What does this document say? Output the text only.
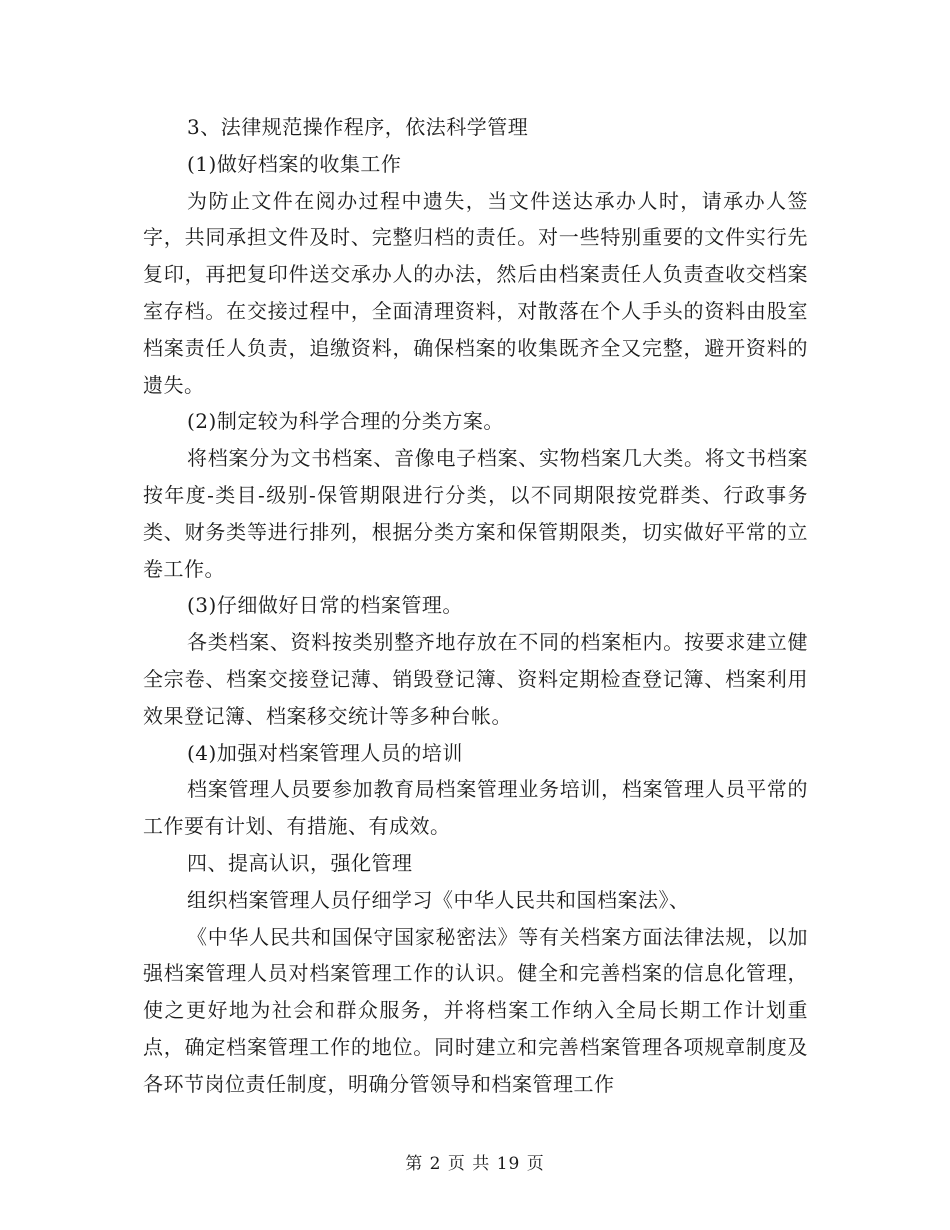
3、法律规范操作程序，依法科学管理

(1)做好档案的收集工作

为防止文件在阅办过程中遗失，当文件送达承办人时，请承办人签字，共同承担文件及时、完整归档的责任。对一些特别重要的文件实行先复印，再把复印件送交承办人的办法，然后由档案责任人负责查收交档案室存档。在交接过程中，全面清理资料，对散落在个人手头的资料由股室档案责任人负责，追缴资料，确保档案的收集既齐全又完整，避开资料的遗失。

(2)制定较为科学合理的分类方案。

将档案分为文书档案、音像电子档案、实物档案几大类。将文书档案按年度-类目-级别-保管期限进行分类，以不同期限按党群类、行政事务类、财务类等进行排列，根据分类方案和保管期限类，切实做好平常的立卷工作。

(3)仔细做好日常的档案管理。

各类档案、资料按类别整齐地存放在不同的档案柜内。按要求建立健全宗卷、档案交接登记薄、销毁登记簿、资料定期检查登记簿、档案利用效果登记簿、档案移交统计等多种台帐。

(4)加强对档案管理人员的培训

档案管理人员要参加教育局档案管理业务培训，档案管理人员平常的工作要有计划、有措施、有成效。

四、提高认识，强化管理

组织档案管理人员仔细学习《中华人民共和国档案法》、

《中华人民共和国保守国家秘密法》等有关档案方面法律法规，以加强档案管理人员对档案管理工作的认识。健全和完善档案的信息化管理，使之更好地为社会和群众服务，并将档案工作纳入全局长期工作计划重点，确定档案管理工作的地位。同时建立和完善档案管理各项规章制度及各环节岗位责任制度，明确分管领导和档案管理工作

第 2 页 共 19 页
